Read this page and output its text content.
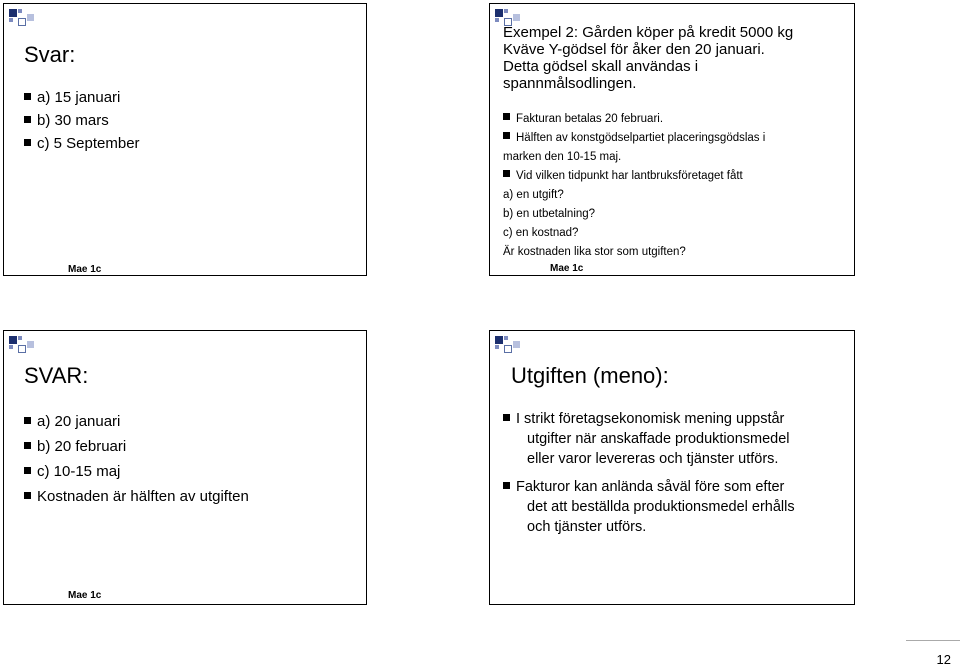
Svar:
a) 15 januari
b) 30 mars
c) 5 September
Mae 1c
Exempel 2: Gården köper på kredit 5000 kg
Kväve Y-gödsel för åker den 20 januari.
Detta gödsel skall användas i
spannmålsodlingen.
Fakturan betalas 20 februari.
Hälften av konstgödselpartiet placeringsgödslas i
marken den 10-15 maj.
Vid vilken tidpunkt har lantbruksföretaget fått
a) en utgift?
b) en utbetalning?
c) en kostnad?
Är kostnaden lika stor som utgiften?
Mae 1c
SVAR:
a) 20 januari
b) 20 februari
c) 10-15 maj
Kostnaden är hälften av utgiften
Mae 1c
Utgiften (meno):
I strikt företagsekonomisk mening uppstår
utgifter när anskaffade produktionsmedel
eller varor levereras och tjänster utförs.
Fakturor kan anlända såväl före som efter
det att beställda produktionsmedel erhålls
och tjänster utförs.
12
